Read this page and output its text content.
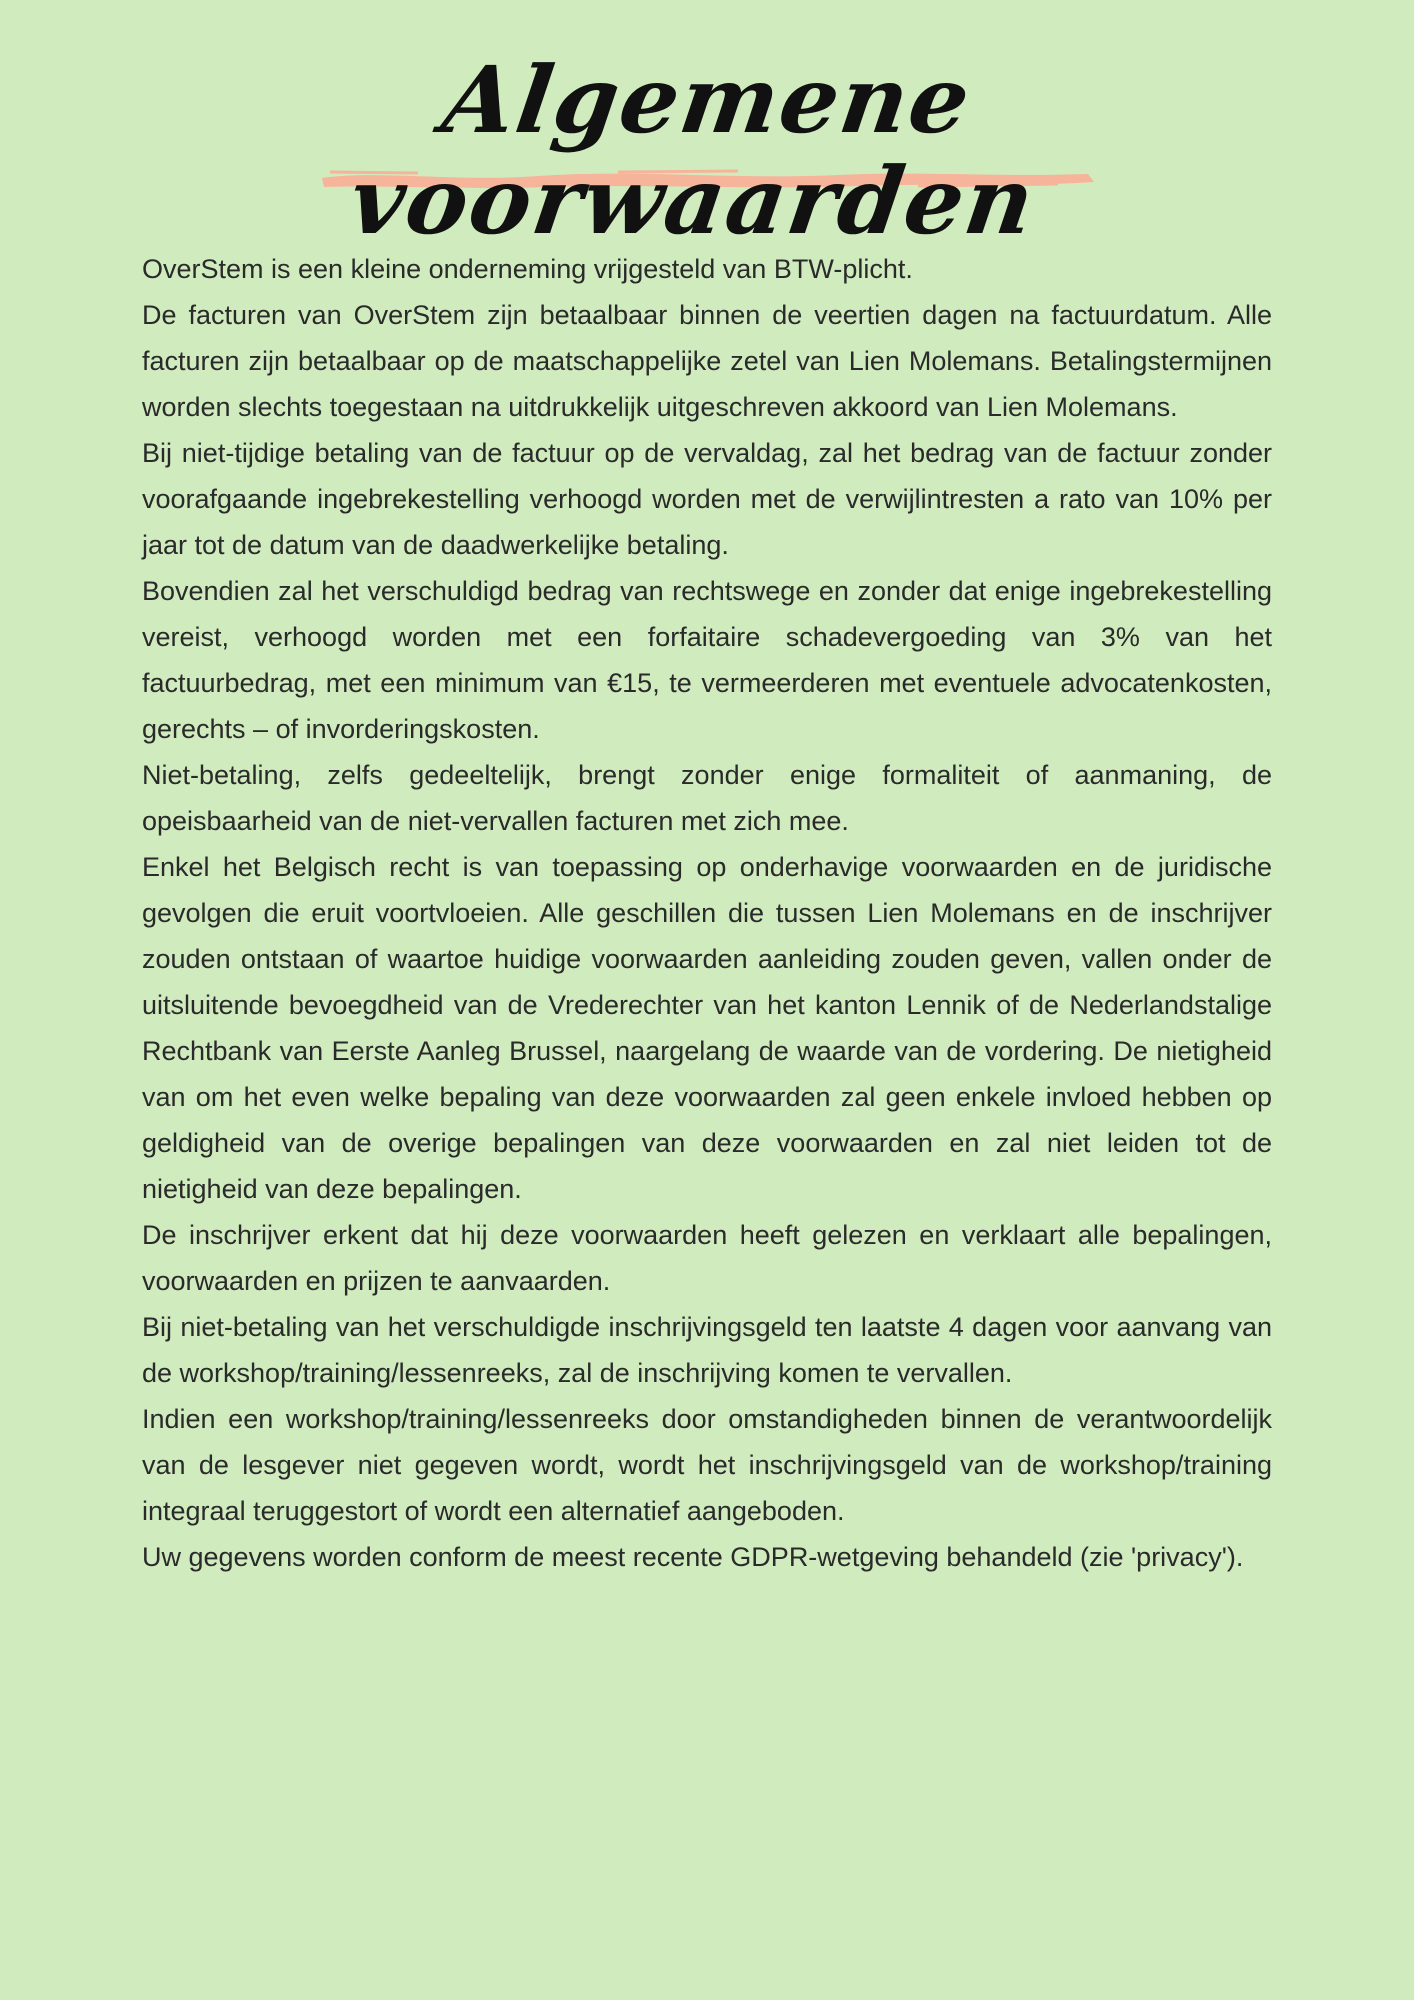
Algemene voorwaarden

OverStem is een kleine onderneming vrijgesteld van BTW-plicht.

De facturen van OverStem zijn betaalbaar binnen de veertien dagen na factuurdatum. Alle facturen zijn betaalbaar op de maatschappelijke zetel van Lien Molemans. Betalingstermijnen worden slechts toegestaan na uitdrukkelijk uitgeschreven akkoord van Lien Molemans.

Bij niet-tijdige betaling van de factuur op de vervaldag, zal het bedrag van de factuur zonder voorafgaande ingebrekestelling verhoogd worden met de verwijlintresten a rato van 10% per jaar tot de datum van de daadwerkelijke betaling.

Bovendien zal het verschuldigd bedrag van rechtswege en zonder dat enige ingebrekestelling vereist, verhoogd worden met een forfaitaire schadevergoeding van 3% van het factuurbedrag, met een minimum van €15, te vermeerderen met eventuele advocatenkosten, gerechts – of invorderingskosten.

Niet-betaling, zelfs gedeeltelijk, brengt zonder enige formaliteit of aanmaning, de opeisbaarheid van de niet-vervallen facturen met zich mee.

Enkel het Belgisch recht is van toepassing op onderhavige voorwaarden en de juridische gevolgen die eruit voortvloeien. Alle geschillen die tussen Lien Molemans en de inschrijver zouden ontstaan of waartoe huidige voorwaarden aanleiding zouden geven, vallen onder de uitsluitende bevoegdheid van de Vrederechter van het kanton Lennik of de Nederlandstalige Rechtbank van Eerste Aanleg Brussel, naargelang de waarde van de vordering. De nietigheid van om het even welke bepaling van deze voorwaarden zal geen enkele invloed hebben op geldigheid van de overige bepalingen van deze voorwaarden en zal niet leiden tot de nietigheid van deze bepalingen.

De inschrijver erkent dat hij deze voorwaarden heeft gelezen en verklaart alle bepalingen, voorwaarden en prijzen te aanvaarden.

Bij niet-betaling van het verschuldigde inschrijvingsgeld ten laatste 4 dagen voor aanvang van de workshop/training/lessenreeks, zal de inschrijving komen te vervallen.

Indien een workshop/training/lessenreeks door omstandigheden binnen de verantwoordelijk van de lesgever niet gegeven wordt, wordt het inschrijvingsgeld van de workshop/training integraal teruggestort of wordt een alternatief aangeboden.

Uw gegevens worden conform de meest recente GDPR-wetgeving behandeld (zie 'privacy').
